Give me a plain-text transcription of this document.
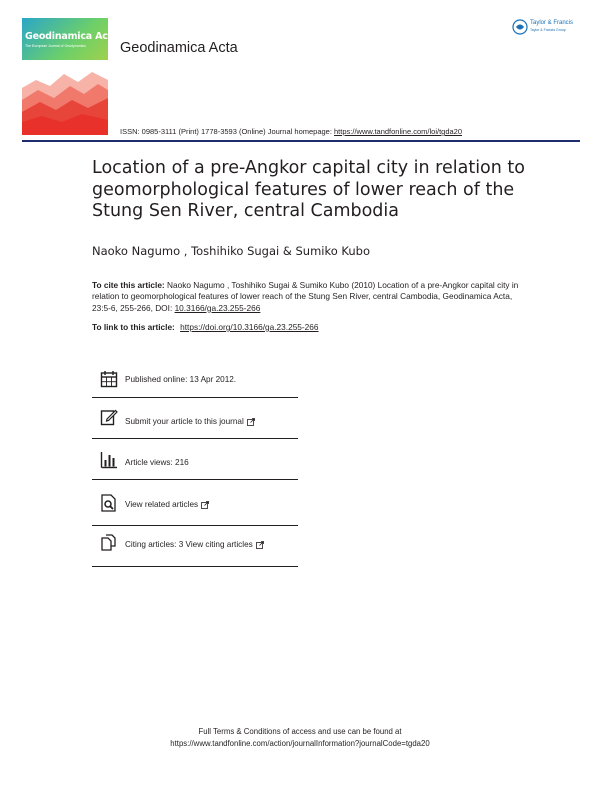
Geodinamica Acta
The European Journal of Geodynamics Geodinamica Acta
Taylor & Francis
Taylor & Francis Group
ISSN: 0985-3111 (Print) 1778-3593 (Online) Journal homepage: https://www.tandfonline.com/loi/tgda20
Location of a pre-Angkor capital city in relation to geomorphological features of lower reach of the Stung Sen River, central Cambodia
Naoko Nagumo , Toshihiko Sugai & Sumiko Kubo
To cite this article: Naoko Nagumo , Toshihiko Sugai & Sumiko Kubo (2010) Location of a pre-Angkor capital city in relation to geomorphological features of lower reach of the Stung Sen River, central Cambodia, Geodinamica Acta, 23:5-6, 255-266, DOI: 10.3166/ga.23.255-266
To link to this article: https://doi.org/10.3166/ga.23.255-266
Published online: 13 Apr 2012.
Submit your article to this journal
Article views: 216
View related articles
Citing articles: 3 View citing articles
Full Terms & Conditions of access and use can be found at
https://www.tandfonline.com/action/journalInformation?journalCode=tgda20
